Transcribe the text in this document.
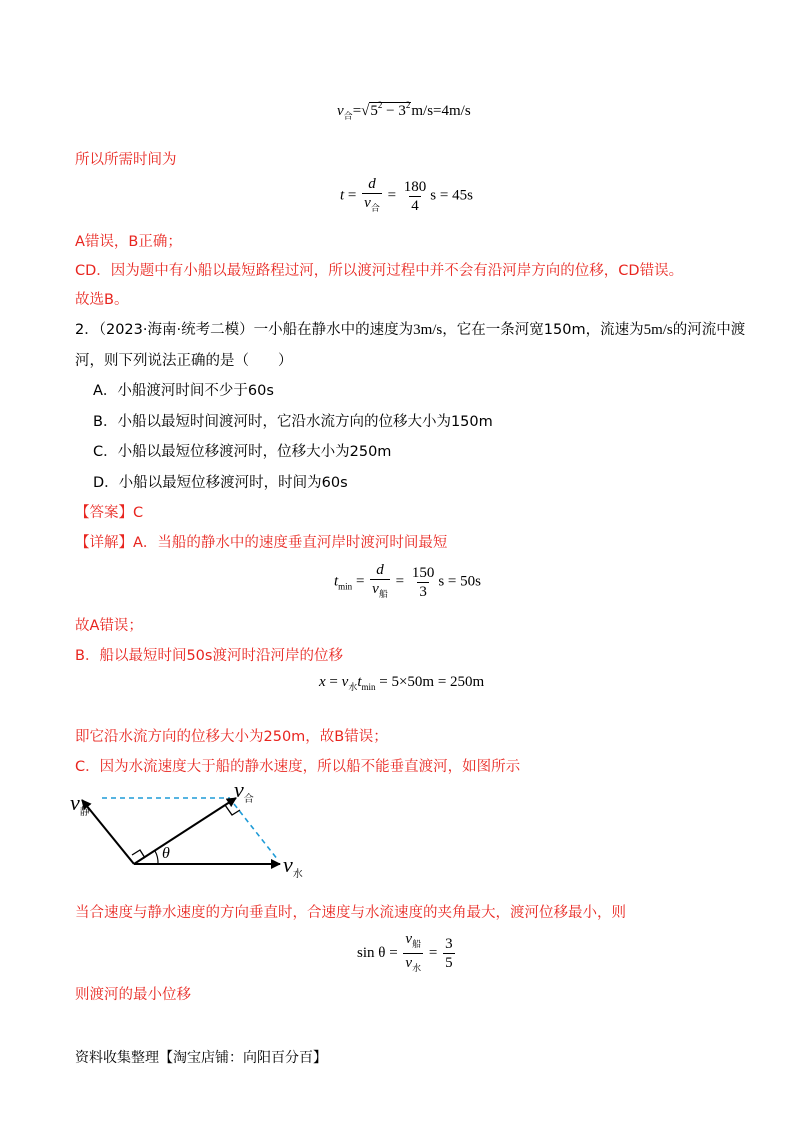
$v_合=√5^2 - 3^2m/s=4m/s$
所以所需时间为
$t = \frac{d}{v_合} = \frac{180}{4}$ s = 45s
A错误，B正确；
CD．因为题中有小船以最短路程过河，所以渡河过程中并不会有沿河岸方向的位移，CD错误。
故选B。
2．（2023·海南·统考二模）一小船在静水中的速度为3m/s，它在一条河宽150m，流速为5m/s的河流中渡
河，则下列说法正确的是（　　）
A．小船渡河时间不少于60s
B．小船以最短时间渡河时，它沿水流方向的位移大小为150m
C．小船以最短位移渡河时，位移大小为250m
D．小船以最短位移渡河时，时间为60s
【答案】C
【详解】A．当船的静水中的速度垂直河岸时渡河时间最短
$t_{min} = \frac{d}{v_船} = \frac{150}{3}$ s = 50s
故A错误；
B．船以最短时间50s渡河时沿河岸的位移
$x = v_水t_{min} = 5\times 50m = 250m$
即它沿水流方向的位移大小为250m，故B错误；
C．因为水流速度大于船的静水速度，所以船不能垂直渡河，如图所示
$v_静$
$v_合$
$v_水$
θ
当合速度与静水速度的方向垂直时，合速度与水流速度的夹角最大，渡河位移最小，则
$\sin \theta = \frac{v_船}{v_水} = \frac{3}{5}$
则渡河的最小位移
资料收集整理【淘宝店铺：向阳百分百】
